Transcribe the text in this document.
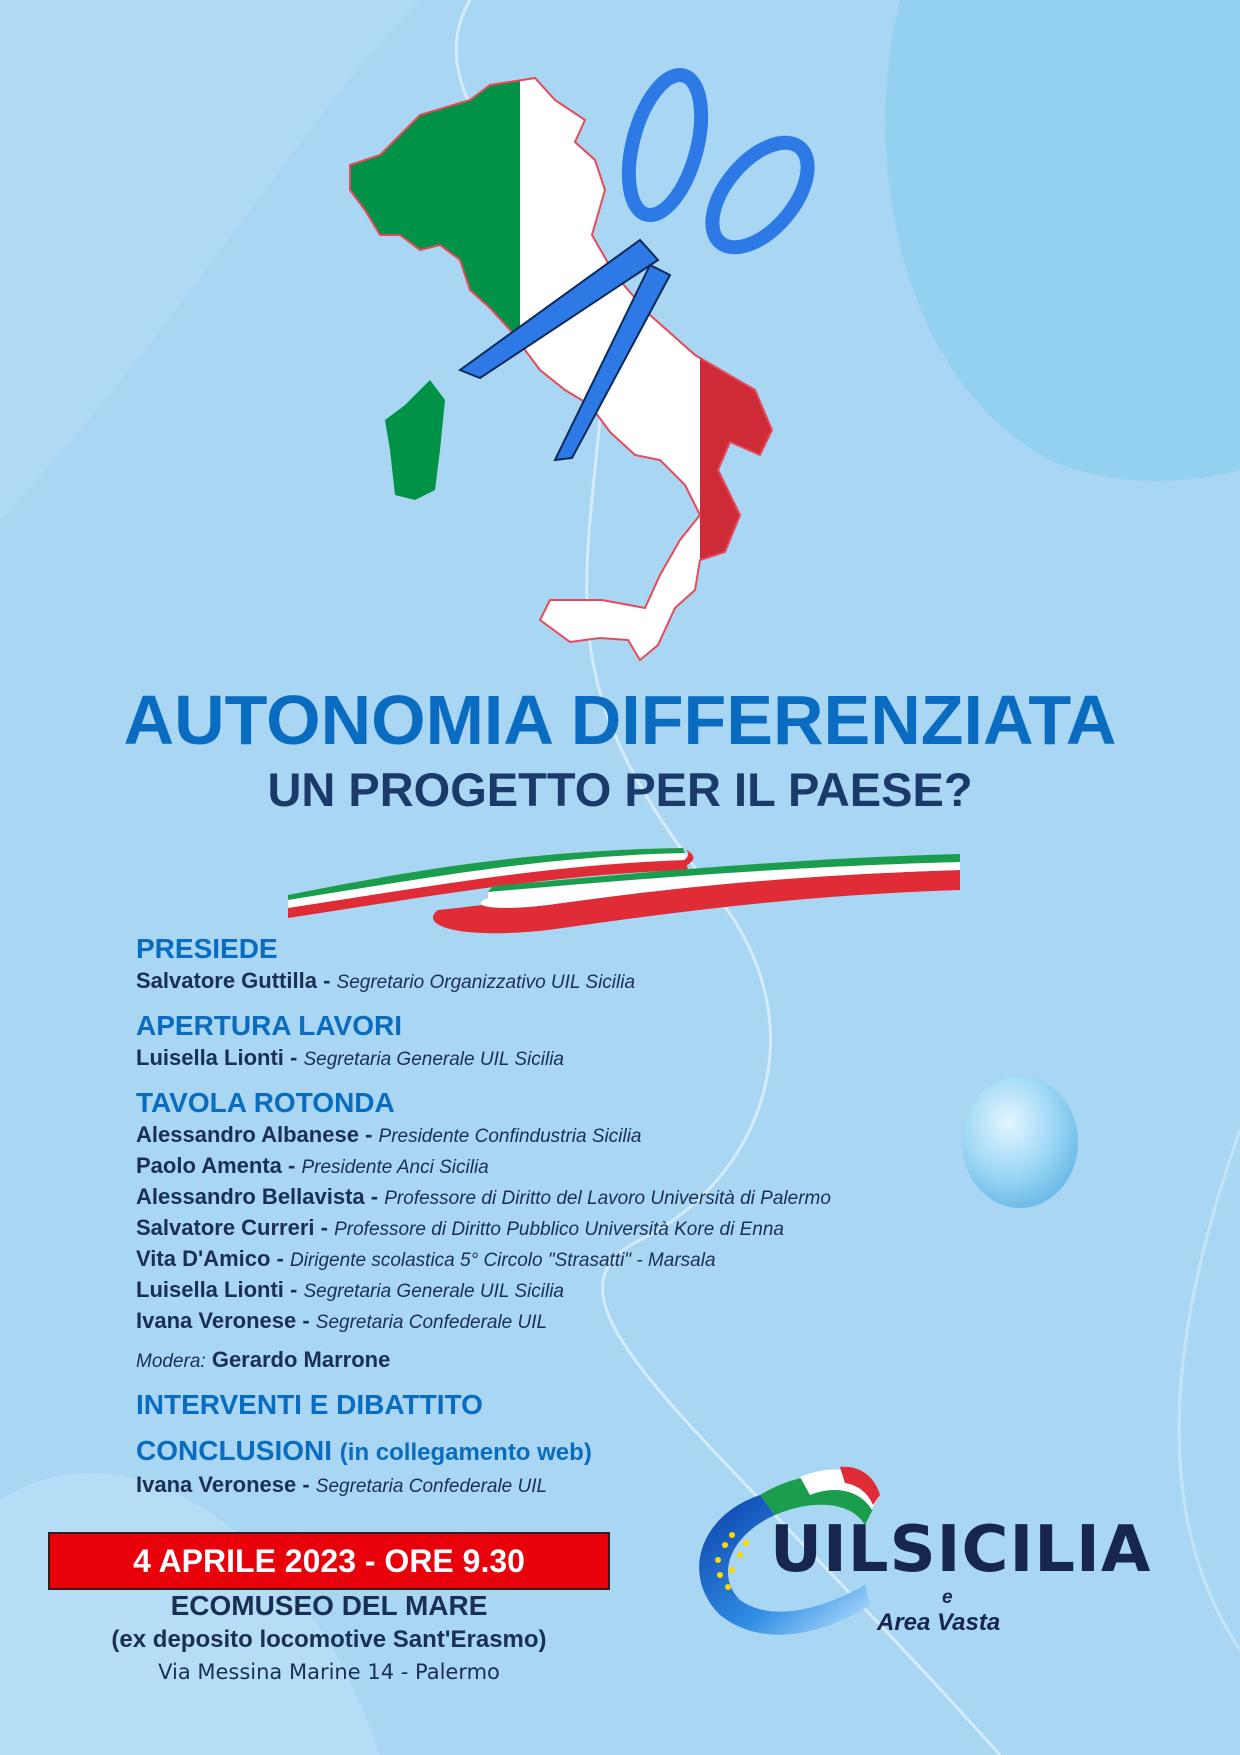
AUTONOMIA DIFFERENZIATA
UN PROGETTO PER IL PAESE?
PRESIEDE
Salvatore Guttilla - Segretario Organizzativo UIL Sicilia
APERTURA LAVORI
Luisella Lionti - Segretaria Generale UIL Sicilia
TAVOLA ROTONDA
Alessandro Albanese - Presidente Confindustria Sicilia
Paolo Amenta - Presidente Anci Sicilia
Alessandro Bellavista - Professore di Diritto del Lavoro Università di Palermo
Salvatore Curreri - Professore di Diritto Pubblico Università Kore di Enna
Vita D'Amico - Dirigente scolastica 5° Circolo "Strasatti" - Marsala
Luisella Lionti - Segretaria Generale UIL Sicilia
Ivana Veronese - Segretaria Confederale UIL
Modera: Gerardo Marrone
INTERVENTI E DIBATTITO
CONCLUSIONI (in collegamento web)
Ivana Veronese - Segretaria Confederale UIL
4 APRILE 2023 - ORE 9.30
ECOMUSEO DEL MARE
(ex deposito locomotive Sant'Erasmo)
Via Messina Marine 14 - Palermo
UILSICILIA
e
Area Vasta
